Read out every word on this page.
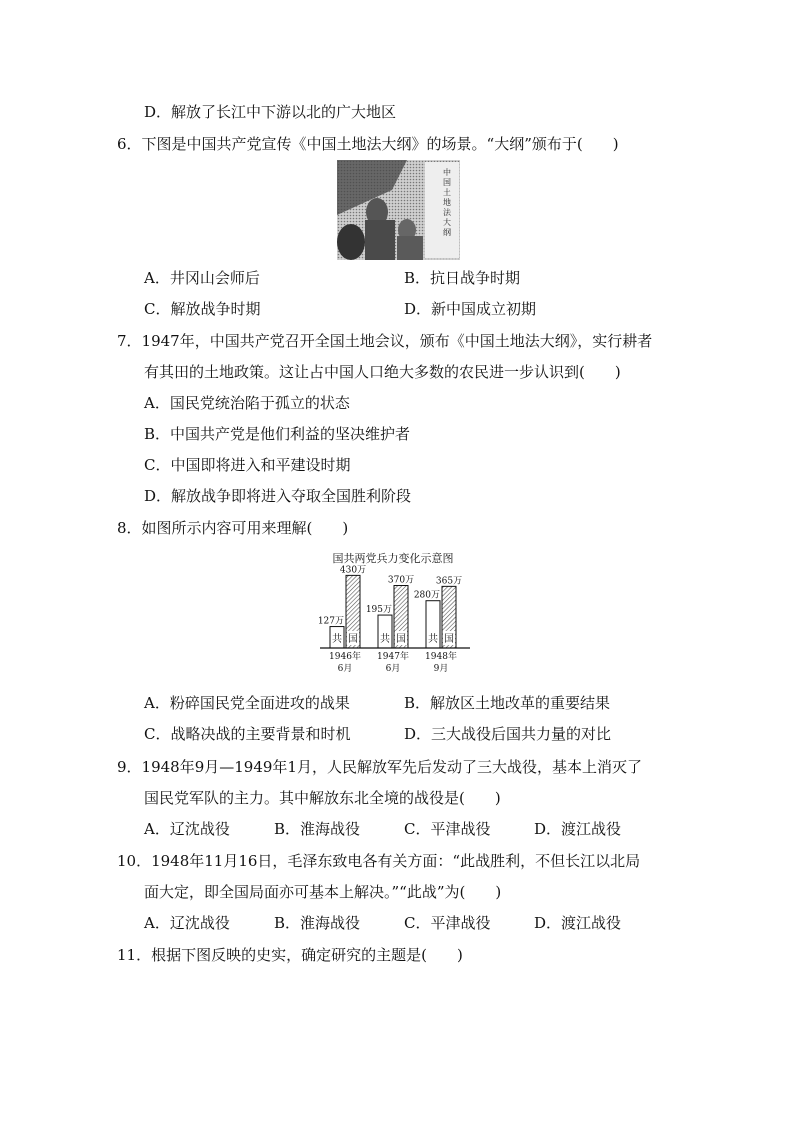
D．解放了长江中下游以北的广大地区
6．下图是中国共产党宣传《中国土地法大纲》的场景。“大纲”颁布于(　　)
中国土地法大纲
A．井冈山会师后	B．抗日战争时期
C．解放战争时期	D．新中国成立初期
7．1947年，中国共产党召开全国土地会议，颁布《中国土地法大纲》，实行耕者
有其田的土地政策。这让占中国人口绝大多数的农民进一步认识到(　　)
A．国民党统治陷于孤立的状态
B．中国共产党是他们利益的坚决维护者
C．中国即将进入和平建设时期
D．解放战争即将进入夺取全国胜利阶段
8．如图所示内容可用来理解(　　)
国共两党兵力变化示意图
共
127万
国
430万
1946年
6月
共
195万
国
370万
1947年
6月
共
280万
国
365万
1948年
9月
A．粉碎国民党全面进攻的战果	B．解放区土地改革的重要结果
C．战略决战的主要背景和时机	D．三大战役后国共力量的对比
9．1948年9月—1949年1月，人民解放军先后发动了三大战役，基本上消灭了
国民党军队的主力。其中解放东北全境的战役是(　　)
A．辽沈战役	B．淮海战役	C．平津战役	D．渡江战役
10．1948年11月16日，毛泽东致电各有关方面：“此战胜利，不但长江以北局
面大定，即全国局面亦可基本上解决。”“此战”为(　　)
A．辽沈战役	B．淮海战役	C．平津战役	D．渡江战役
11．根据下图反映的史实，确定研究的主题是(　　)
